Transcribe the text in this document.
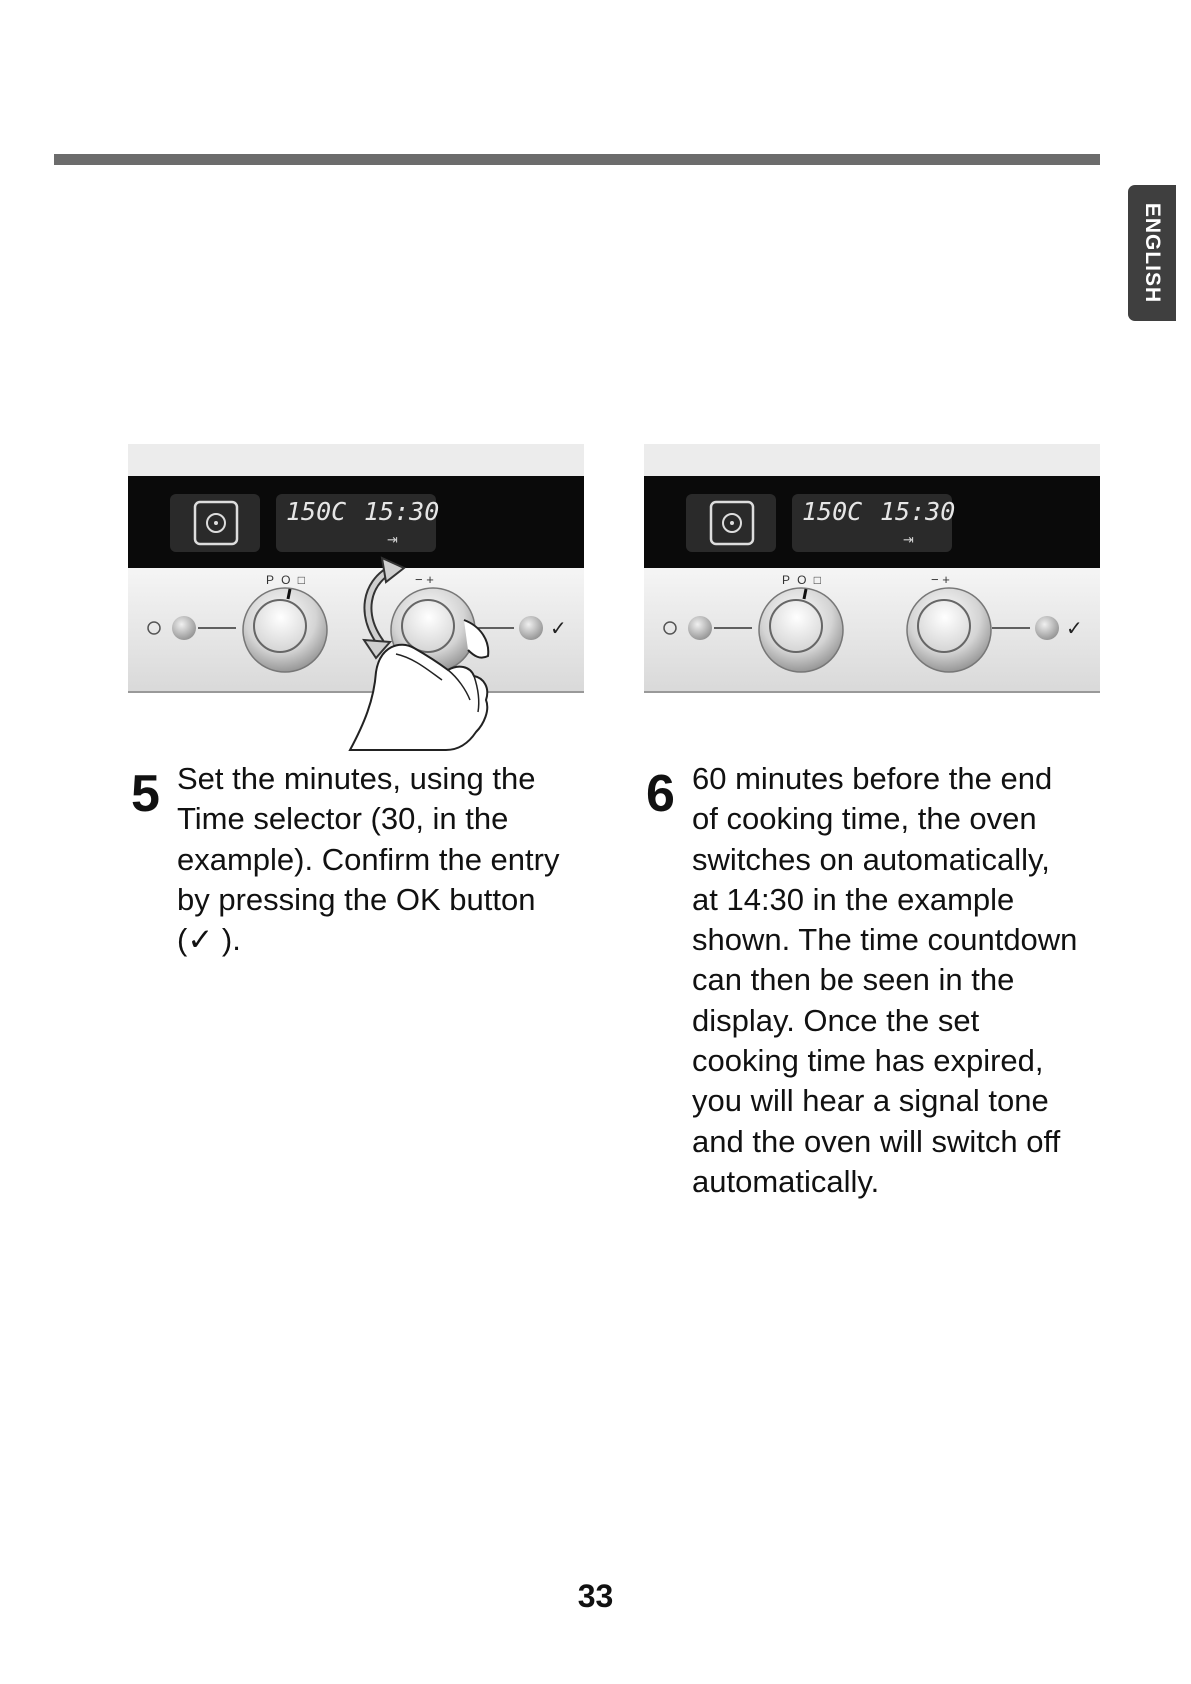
ENGLISH
150C 15:30
⇥
P O □	− +
✓
150C 15:30
⇥
P O □	− +
✓
5 Set the minutes, using the
Time selector (30, in the
example). Confirm the entry
by pressing the OK button
(✓ ).
6 60 minutes before the end
of cooking time, the oven
switches on automatically,
at 14:30 in the example
shown. The time countdown
can then be seen in the
display. Once the set
cooking time has expired,
you will hear a signal tone
and the oven will switch off
automatically.
33
